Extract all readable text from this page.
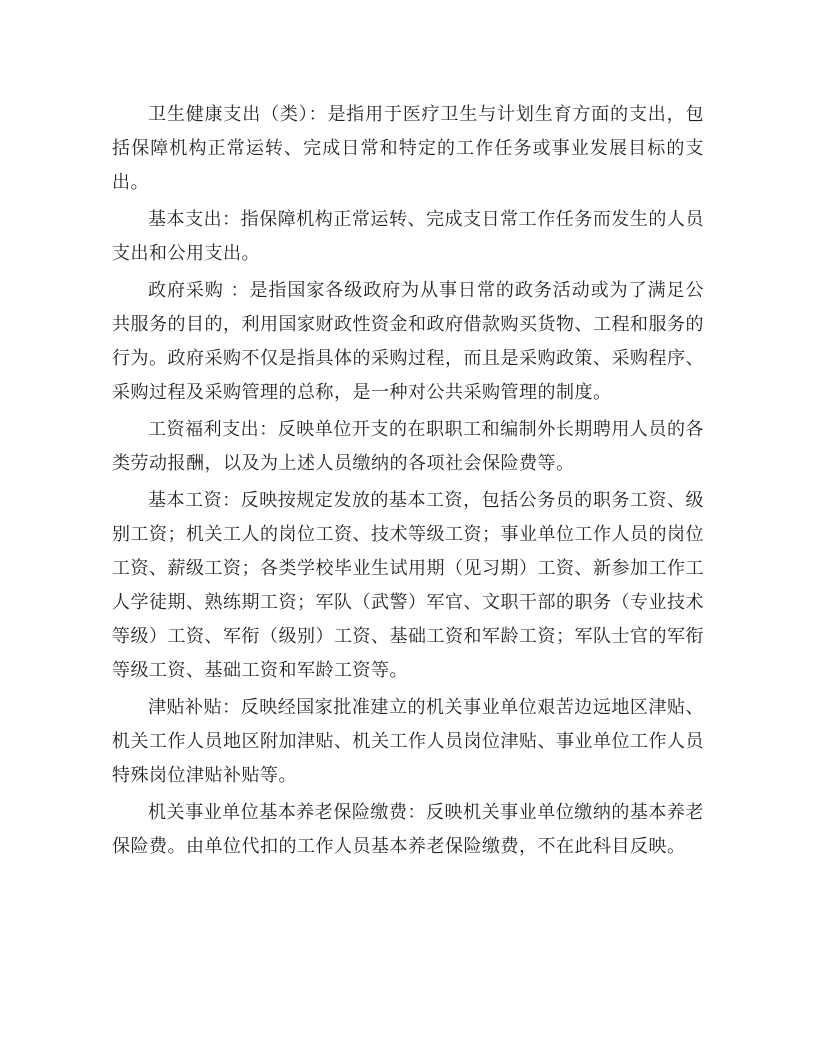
卫生健康支出（类）：是指用于医疗卫生与计划生育方面的支出，包括保障机构正常运转、完成日常和特定的工作任务或事业发展目标的支出。

基本支出：指保障机构正常运转、完成支日常工作任务而发生的人员支出和公用支出。

政府采购 ：是指国家各级政府为从事日常的政务活动或为了满足公共服务的目的，利用国家财政性资金和政府借款购买货物、工程和服务的行为。政府采购不仅是指具体的采购过程，而且是采购政策、采购程序、采购过程及采购管理的总称，是一种对公共采购管理的制度。

工资福利支出：反映单位开支的在职职工和编制外长期聘用人员的各类劳动报酬，以及为上述人员缴纳的各项社会保险费等。

基本工资：反映按规定发放的基本工资，包括公务员的职务工资、级别工资；机关工人的岗位工资、技术等级工资；事业单位工作人员的岗位工资、薪级工资；各类学校毕业生试用期（见习期）工资、新参加工作工人学徒期、熟练期工资；军队（武警）军官、文职干部的职务（专业技术等级）工资、军衔（级别）工资、基础工资和军龄工资；军队士官的军衔等级工资、基础工资和军龄工资等。

津贴补贴：反映经国家批准建立的机关事业单位艰苦边远地区津贴、机关工作人员地区附加津贴、机关工作人员岗位津贴、事业单位工作人员特殊岗位津贴补贴等。

机关事业单位基本养老保险缴费：反映机关事业单位缴纳的基本养老保险费。由单位代扣的工作人员基本养老保险缴费，不在此科目反映。
